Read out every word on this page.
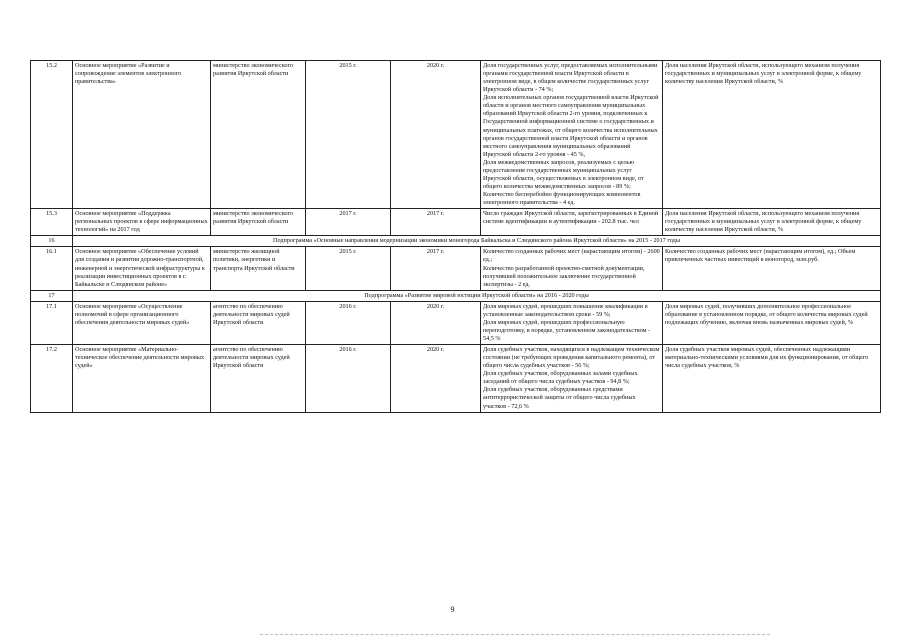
15.2	Основное мероприятие «Развитие и сопровождение элементов электронного правительства»	министерство экономического развития Иркутской области	2015 г.	2020 г.	Доля государственных услуг, предоставляемых исполнительными органами государственной власти Иркутской области в электронном виде, в общем количестве государственных услуг Иркутской области - 74 %;
Доля исполнительных органов государственной власти Иркутской области и органов местного самоуправления муниципальных образований Иркутской области 2-го уровня, подключенных к Государственной информационной системе о государственных и муниципальных платежах, от общего количества исполнительных органов государственной власти Иркутской области и органов местного самоуправления муниципальных образований Иркутской области 2-го уровня - 45 %,
Доля межведомственных запросов, реализуемых с целью предоставления государственных муниципальных услуг Иркутской области, осуществляемых в электронном виде, от общего количества межведомственных запросов - 89 %;
Количество бесперебойно функционирующих компонентов электронного правительства - 4 ед.	Доля населения Иркутской области, использующего механизм получения государственных и муниципальных услуг в электронной форме, к общему количеству населения Иркутской области, %
15.3	Основное мероприятие «Поддержка региональных проектов в сфере информационных технологий» на 2017 год	министерство экономического развития Иркутской области	2017 г.	2017 г.	Число граждан Иркутской области, зарегистрированных в Единой системе идентификации и аутентификации - 202.8 тыс. чел	Доля населения Иркутской области, использующего механизм получения государственных и муниципальных услуг в электронной форме, к общему количеству населения Иркутской области, %
16	Подпрограмма «Основные направления модернизации экономики моногорода Байкальска и Слюдянского района Иркутской области» на 2015 - 2017 годы					
16.1	Основное мероприятие «Обеспечение условий для создания и развития дорожно-транспортной, инженерной и энергетической инфраструктуры к реализации инвестиционных проектов в г. Байкальске и Слюдянском районе»	министерство жилищной политики, энергетики и транспорта Иркутской области	2015 г.	2017 г.	Количество созданных рабочих мест (нарастающим итогом) - 2600 ед.;
Количество разработанной проектно-сметной документации, получившей положительное заключение государственной экспертизы - 2 ед.	Количество созданных рабочих мест (нарастающим итогом), ед.; Объем привлеченных частных инвестиций в моногород, млн.руб.
17	Подпрограмма «Развитие мировой юстиции Иркутской области» на 2016 - 2020 годы					
17.1	Основное мероприятие «Осуществление полномочий в сфере организационного обеспечения деятельности мировых судей»	агентство по обеспечению деятельности мировых судей Иркутской области	2016 г.	2020 г.	Доля мировых судей, прошедших повышение квалификации в установленные законодательством сроки - 59 %;
Доля мировых судей, прошедших профессиональную переподготовку, в порядке, установленном законодательством - 54,5 %	Доля мировых судей, получивших дополнительное профессиональное образование в установленном порядке, от общего количества мировых судей подлежащих обучению, включая вновь назначенных мировых судей, %
17.2	Основное мероприятие «Материально-техническое обеспечение деятельности мировых судей»	агентство по обеспечению деятельности мировых судей Иркутской области	2016 г.	2020 г.	Доля судебных участков, находящихся в надлежащем техническом состоянии (не требующих проведения капитального ремонта), от общего числа судебных участков - 56 %;
Доля судебных участков, оборудованных залами судебных заседаний от общего числа судебных участков - 94,8 %;
Доля судебных участков, оборудованных средствами антитеррористической защиты от общего числа судебных участков - 72,6 %	Доля судебных участков мировых судей, обеспеченных надлежащими материально-техническими условиями для их функционирования, от общего числа судебных участков, %
9
